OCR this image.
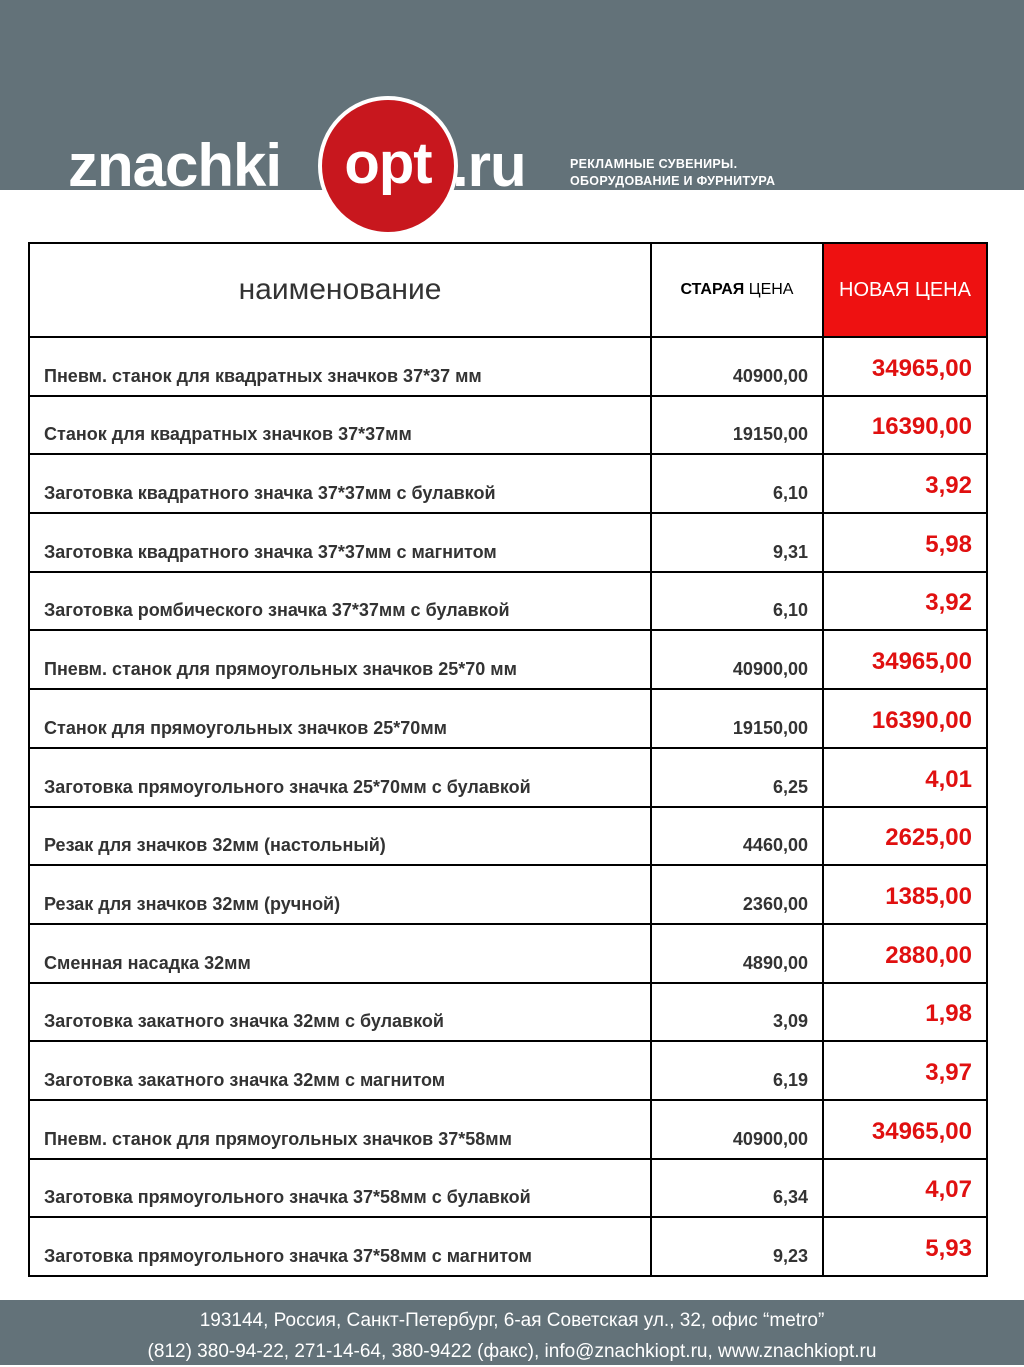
znachki opt .ru	РЕКЛАМНЫЕ СУВЕНИРЫ.
ОБОРУДОВАНИЕ И ФУРНИТУРА
наименование	СТАРАЯ ЦЕНА	НОВАЯ ЦЕНА
Пневм. станок для квадратных значков 37*37 мм	40900,00	34965,00
Станок для квадратных значков 37*37мм	19150,00	16390,00
Заготовка квадратного значка 37*37мм с булавкой	6,10	3,92
Заготовка квадратного значка 37*37мм с магнитом	9,31	5,98
Заготовка ромбического значка 37*37мм с булавкой	6,10	3,92
Пневм. станок для прямоугольных значков 25*70 мм	40900,00	34965,00
Станок для прямоугольных значков 25*70мм	19150,00	16390,00
Заготовка прямоугольного значка 25*70мм с булавкой	6,25	4,01
Резак для значков 32мм (настольный)	4460,00	2625,00
Резак для значков 32мм (ручной)	2360,00	1385,00
Сменная насадка 32мм	4890,00	2880,00
Заготовка закатного значка 32мм с булавкой	3,09	1,98
Заготовка закатного значка 32мм с магнитом	6,19	3,97
Пневм. станок для прямоугольных значков 37*58мм	40900,00	34965,00
Заготовка прямоугольного значка 37*58мм с булавкой	6,34	4,07
Заготовка прямоугольного значка 37*58мм с магнитом	9,23	5,93
193144, Россия, Санкт-Петербург, 6-ая Советская ул., 32, офис “metro”
(812) 380-94-22, 271-14-64, 380-9422 (факс), info@znachkiopt.ru, www.znachkiopt.ru
